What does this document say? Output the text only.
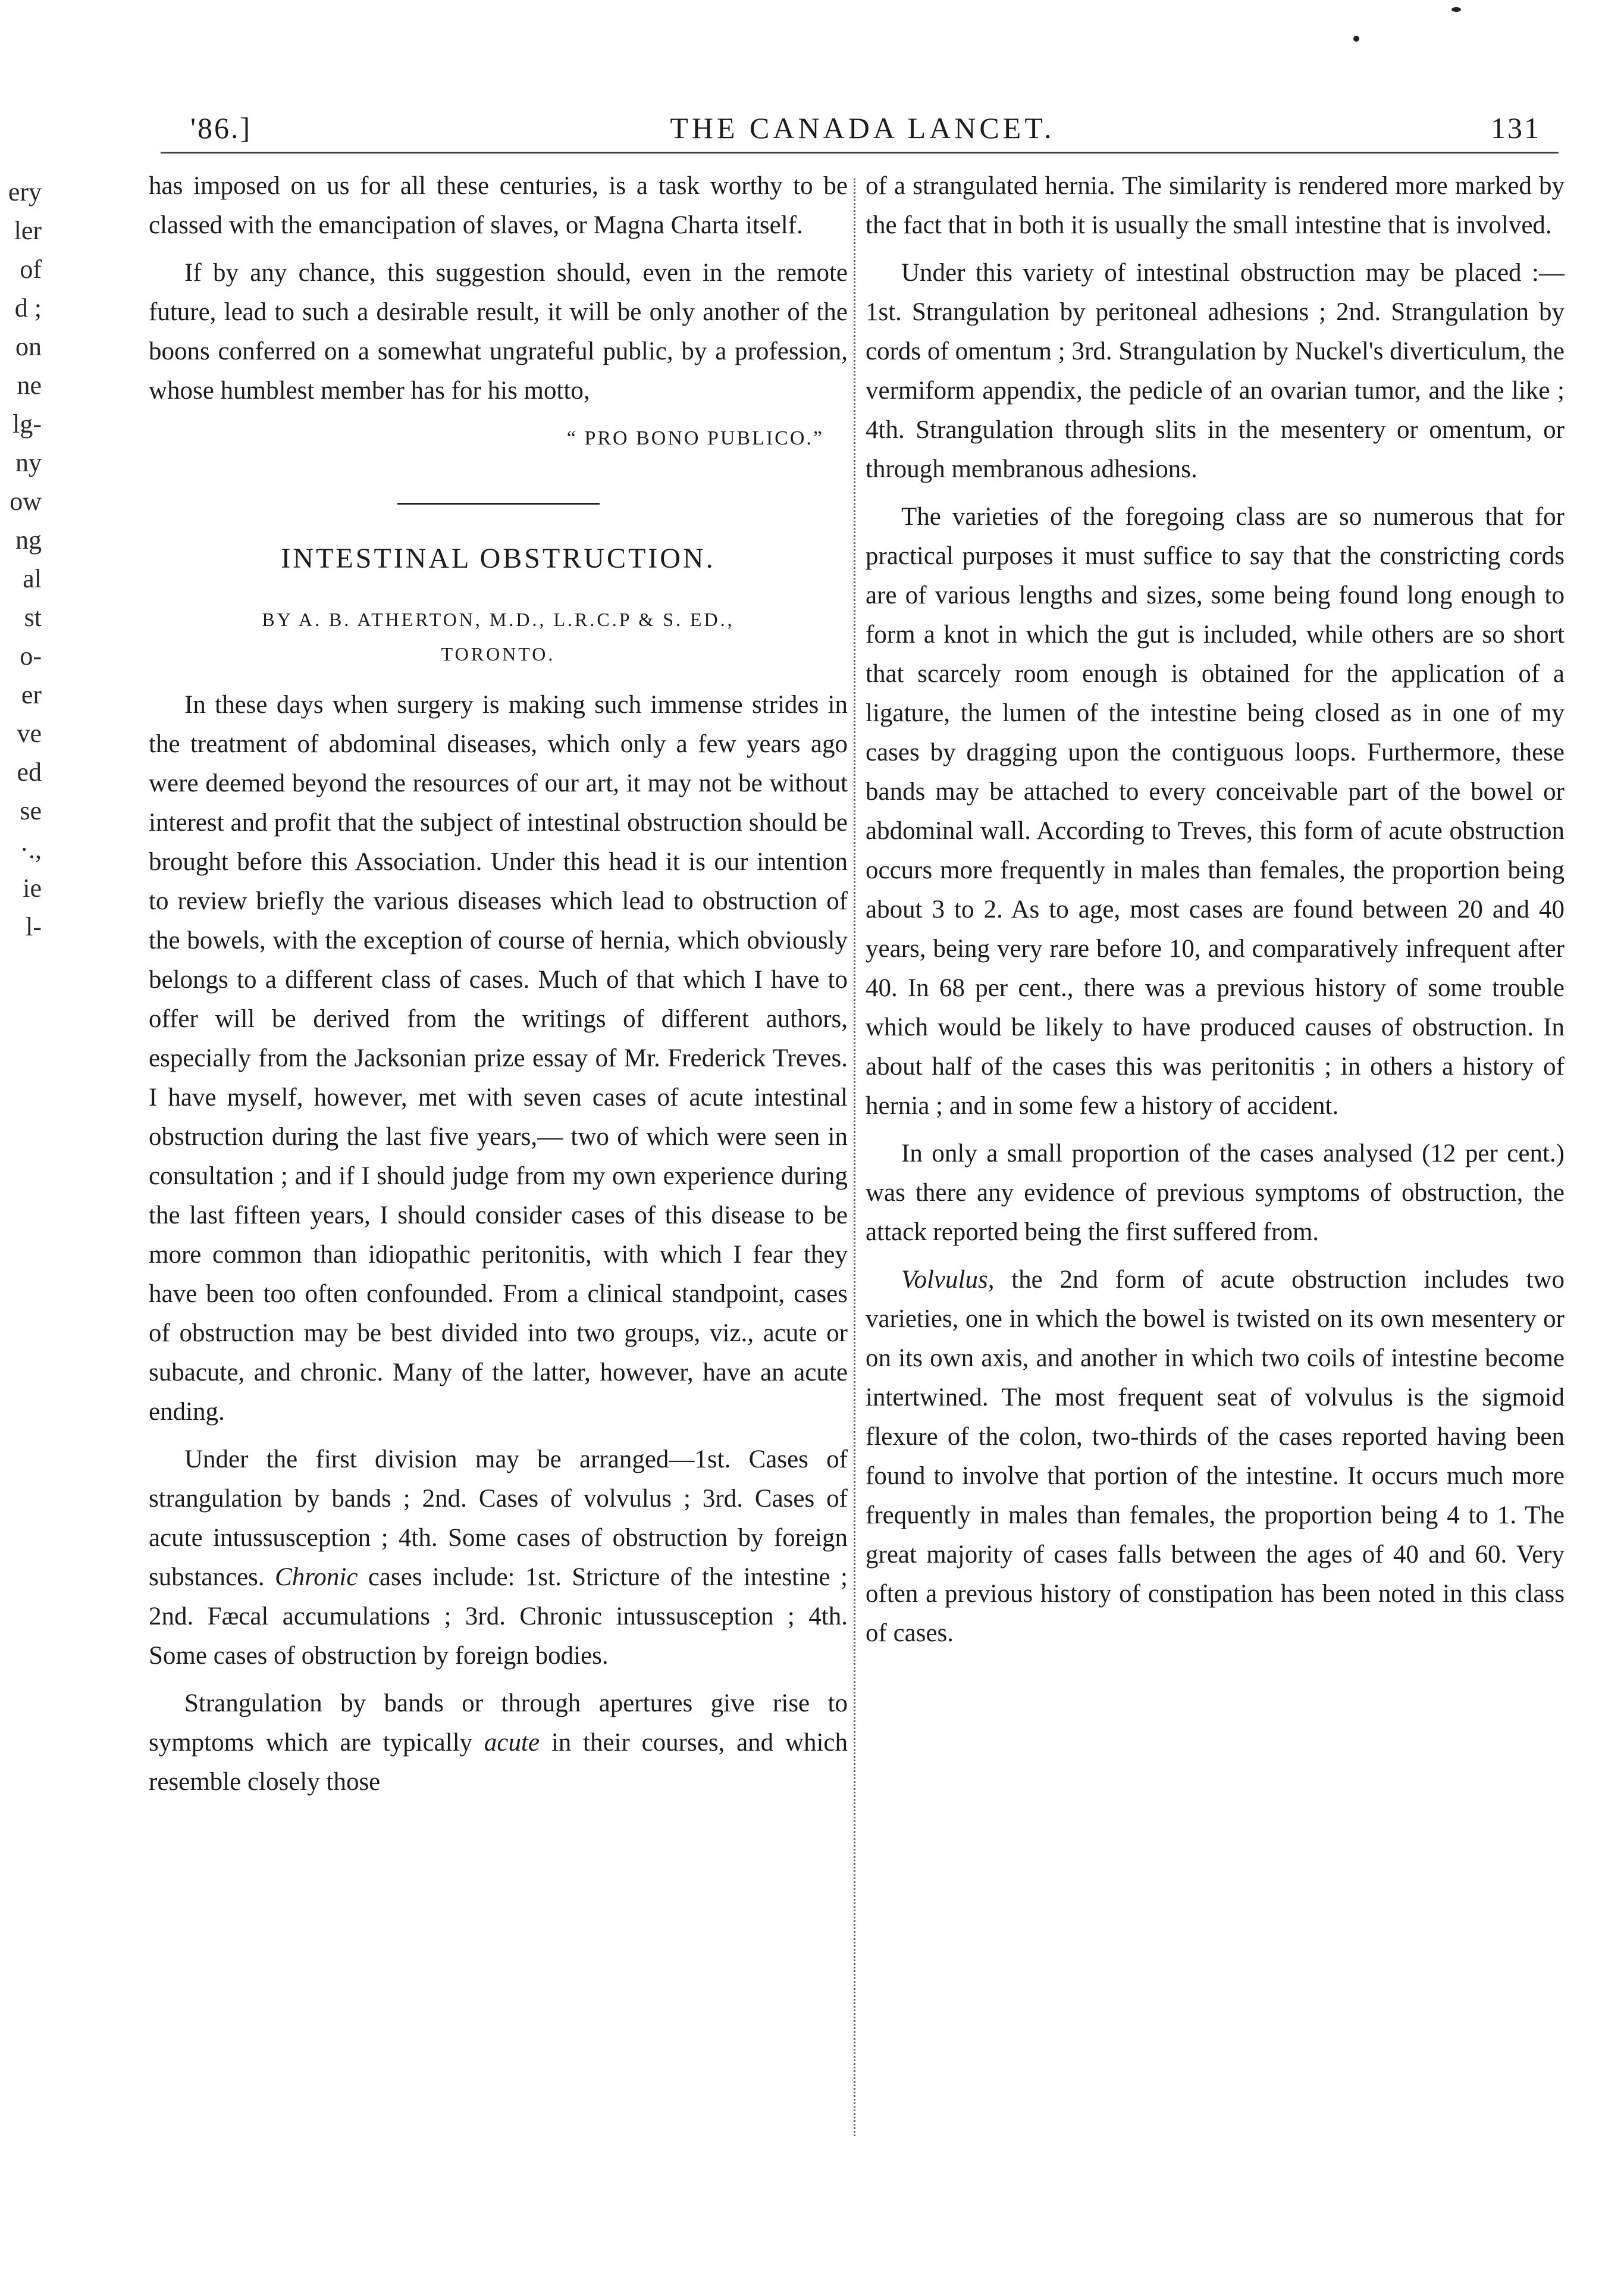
ery
ler
of
d ;
on
ne
lg-
ny
ow
ng
al
st
o-
er
ve
ed
se
·.,
ie
l-
'86.]	THE CANADA LANCET.	131

has imposed on us for all these centuries, is a task worthy to be classed with the emancipation of slaves, or Magna Charta itself.

If by any chance, this suggestion should, even in the remote future, lead to such a desirable result, it will be only another of the boons conferred on a somewhat ungrateful public, by a profession, whose humblest member has for his motto,

“ PRO BONO PUBLICO.”
INTESTINAL OBSTRUCTION.
BY A. B. ATHERTON, M.D., L.R.C.P & S. ED.,
TORONTO.

In these days when surgery is making such immense strides in the treatment of abdominal diseases, which only a few years ago were deemed beyond the resources of our art, it may not be without interest and profit that the subject of intestinal obstruction should be brought before this Association. Under this head it is our intention to review briefly the various diseases which lead to obstruction of the bowels, with the exception of course of hernia, which obviously belongs to a different class of cases. Much of that which I have to offer will be derived from the writings of different authors, especially from the Jacksonian prize essay of Mr. Frederick Treves. I have myself, however, met with seven cases of acute intestinal obstruction during the last five years,— two of which were seen in consultation ; and if I should judge from my own experience during the last fifteen years, I should consider cases of this disease to be more common than idiopathic peritonitis, with which I fear they have been too often confounded. From a clinical standpoint, cases of obstruction may be best divided into two groups, viz., acute or subacute, and chronic. Many of the latter, however, have an acute ending.

Under the first division may be arranged—1st. Cases of strangulation by bands ; 2nd. Cases of volvulus ; 3rd. Cases of acute intussusception ; 4th. Some cases of obstruction by foreign substances. Chronic cases include: 1st. Stricture of the intestine ; 2nd. Fæcal accumulations ; 3rd. Chronic intussusception ; 4th. Some cases of obstruction by foreign bodies.

Strangulation by bands or through apertures give rise to symptoms which are typically acute in their courses, and which resemble closely those

of a strangulated hernia. The similarity is rendered more marked by the fact that in both it is usually the small intestine that is involved.

Under this variety of intestinal obstruction may be placed :—1st. Strangulation by peritoneal adhesions ; 2nd. Strangulation by cords of omentum ; 3rd. Strangulation by Nuckel's diverticulum, the vermiform appendix, the pedicle of an ovarian tumor, and the like ; 4th. Strangulation through slits in the mesentery or omentum, or through membranous adhesions.

The varieties of the foregoing class are so numerous that for practical purposes it must suffice to say that the constricting cords are of various lengths and sizes, some being found long enough to form a knot in which the gut is included, while others are so short that scarcely room enough is obtained for the application of a ligature, the lumen of the intestine being closed as in one of my cases by dragging upon the contiguous loops. Furthermore, these bands may be attached to every conceivable part of the bowel or abdominal wall. According to Treves, this form of acute obstruction occurs more frequently in males than females, the proportion being about 3 to 2. As to age, most cases are found between 20 and 40 years, being very rare before 10, and comparatively infrequent after 40. In 68 per cent., there was a previous history of some trouble which would be likely to have produced causes of obstruction. In about half of the cases this was peritonitis ; in others a history of hernia ; and in some few a history of accident.

In only a small proportion of the cases analysed (12 per cent.) was there any evidence of previous symptoms of obstruction, the attack reported being the first suffered from.

Volvulus, the 2nd form of acute obstruction includes two varieties, one in which the bowel is twisted on its own mesentery or on its own axis, and another in which two coils of intestine become intertwined. The most frequent seat of volvulus is the sigmoid flexure of the colon, two-thirds of the cases reported having been found to involve that portion of the intestine. It occurs much more frequently in males than females, the proportion being 4 to 1. The great majority of cases falls between the ages of 40 and 60. Very often a previous history of constipation has been noted in this class of cases.
